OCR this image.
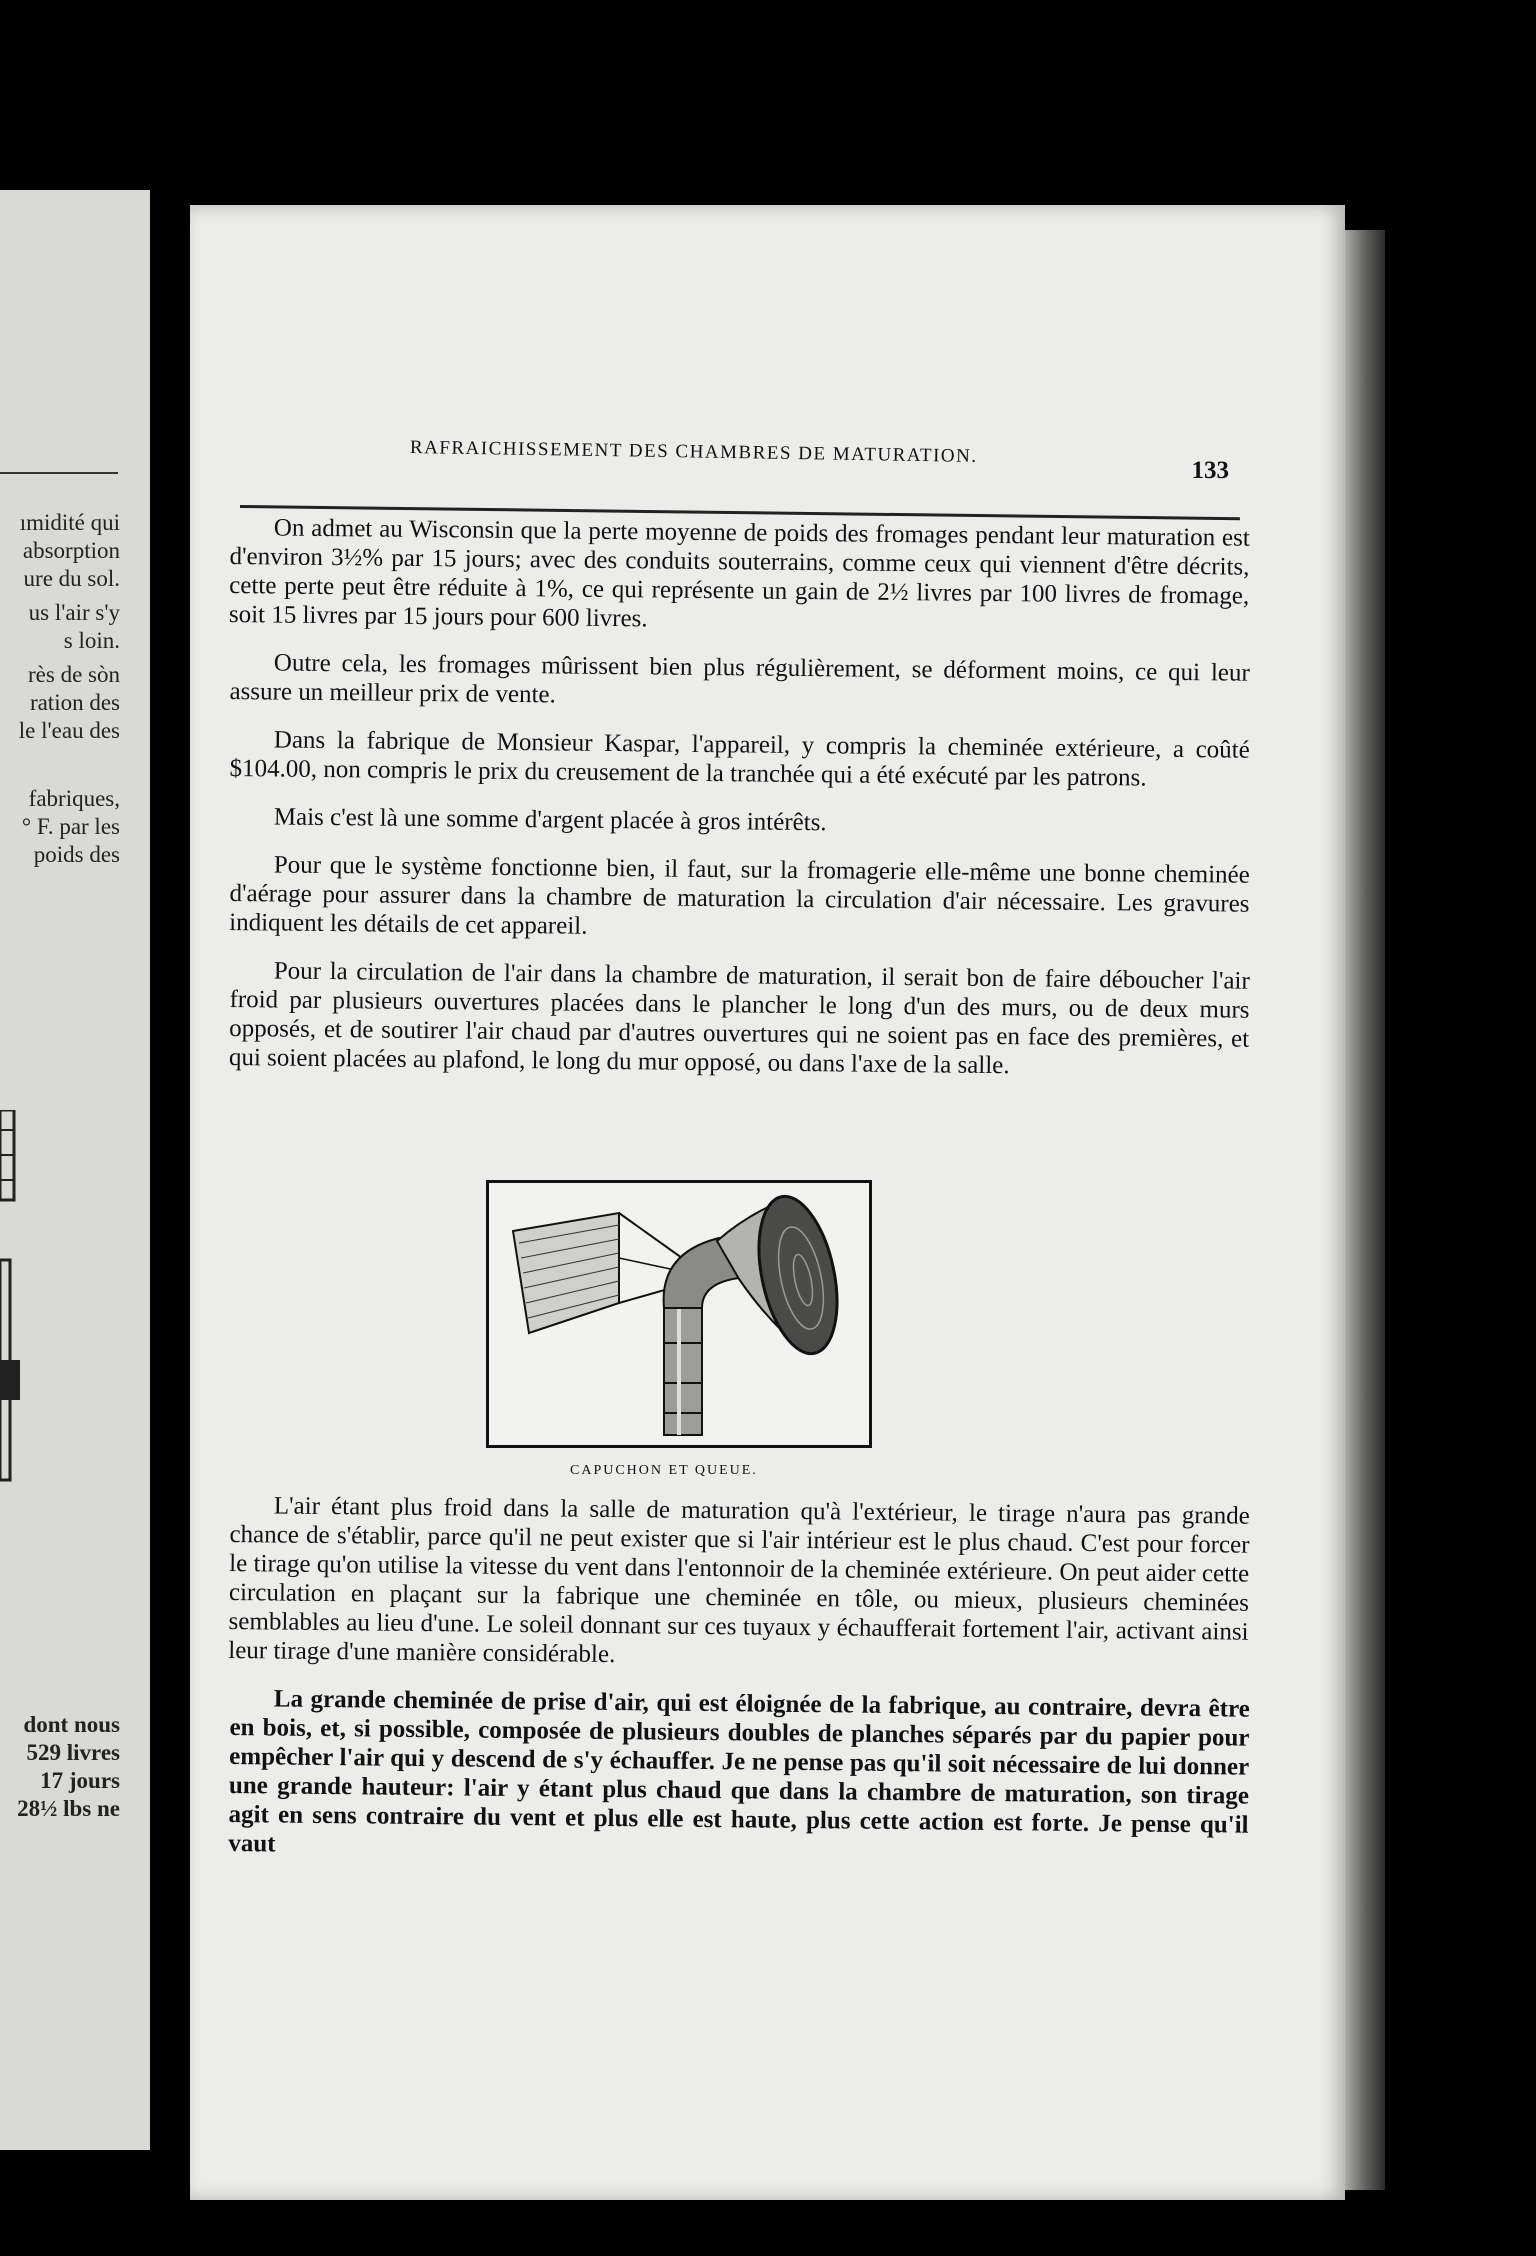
ımidité qui
absorption
ure du sol.
us l'air s'y
s loin.
rès de sòn
ration des
le l'eau des
fabriques,
° F. par les
poids des
dont nous
529 livres
17 jours
28½ lbs ne
RAFRAICHISSEMENT DES CHAMBRES DE MATURATION.
133

On admet au Wisconsin que la perte moyenne de poids des fromages pendant leur maturation est d'environ 3½% par 15 jours; avec des conduits souterrains, comme ceux qui viennent d'être décrits, cette perte peut être réduite à 1%, ce qui représente un gain de 2½ livres par 100 livres de fromage, soit 15 livres par 15 jours pour 600 livres.

Outre cela, les fromages mûrissent bien plus régulièrement, se déforment moins, ce qui leur assure un meilleur prix de vente.

Dans la fabrique de Monsieur Kaspar, l'appareil, y compris la cheminée extérieure, a coûté $104.00, non compris le prix du creusement de la tranchée qui a été exécuté par les patrons.

Mais c'est là une somme d'argent placée à gros intérêts.

Pour que le système fonctionne bien, il faut, sur la fromagerie elle-même une bonne cheminée d'aérage pour assurer dans la chambre de maturation la circulation d'air nécessaire. Les gravures indiquent les détails de cet appareil.

Pour la circulation de l'air dans la chambre de maturation, il serait bon de faire déboucher l'air froid par plusieurs ouvertures placées dans le plancher le long d'un des murs, ou de deux murs opposés, et de soutirer l'air chaud par d'autres ouvertures qui ne soient pas en face des premières, et qui soient placées au plafond, le long du mur opposé, ou dans l'axe de la salle.

CAPUCHON ET QUEUE.

L'air étant plus froid dans la salle de maturation qu'à l'extérieur, le tirage n'aura pas grande chance de s'établir, parce qu'il ne peut exister que si l'air intérieur est le plus chaud. C'est pour forcer le tirage qu'on utilise la vitesse du vent dans l'entonnoir de la cheminée extérieure. On peut aider cette circulation en plaçant sur la fabrique une cheminée en tôle, ou mieux, plusieurs cheminées semblables au lieu d'une. Le soleil donnant sur ces tuyaux y échaufferait fortement l'air, activant ainsi leur tirage d'une manière considérable.

La grande cheminée de prise d'air, qui est éloignée de la fabrique, au contraire, devra être en bois, et, si possible, composée de plusieurs doubles de planches séparés par du papier pour empêcher l'air qui y descend de s'y échauffer. Je ne pense pas qu'il soit nécessaire de lui donner une grande hauteur: l'air y étant plus chaud que dans la chambre de maturation, son tirage agit en sens contraire du vent et plus elle est haute, plus cette action est forte. Je pense qu'il vaut
